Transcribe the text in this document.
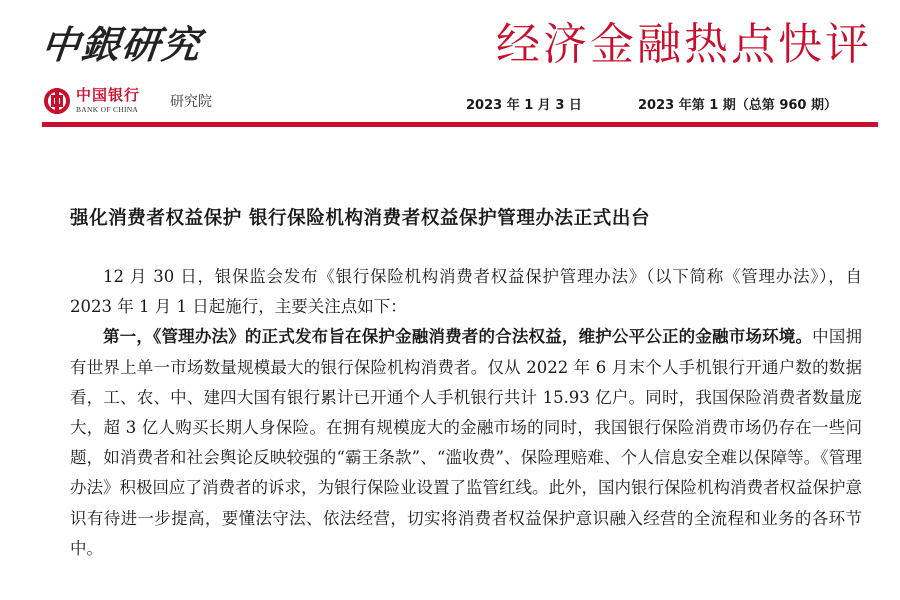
中銀研究	经济金融热点快评
中国银行
BANK OF CHINA 研究院	2023 年 1 月 3 日	2023 年第 1 期（总第 960 期）
强化消费者权益保护 银行保险机构消费者权益保护管理办法正式出台

12 月 30 日，银保监会发布《银行保险机构消费者权益保护管理办法》（以下简称《管理办法》），自 2023 年 1 月 1 日起施行，主要关注点如下：

第一，《管理办法》的正式发布旨在保护金融消费者的合法权益，维护公平公正的金融市场环境。中国拥有世界上单一市场数量规模最大的银行保险机构消费者。仅从 2022 年 6 月末个人手机银行开通户数的数据看，工、农、中、建四大国有银行累计已开通个人手机银行共计 15.93 亿户。同时，我国保险消费者数量庞大，超 3 亿人购买长期人身保险。在拥有规模庞大的金融市场的同时，我国银行保险消费市场仍存在一些问题，如消费者和社会舆论反映较强的“霸王条款”、“滥收费”、保险理赔难、个人信息安全难以保障等。《管理办法》积极回应了消费者的诉求，为银行保险业设置了监管红线。此外，国内银行保险机构消费者权益保护意识有待进一步提高，要懂法守法、依法经营，切实将消费者权益保护意识融入经营的全流程和业务的各环节中。
